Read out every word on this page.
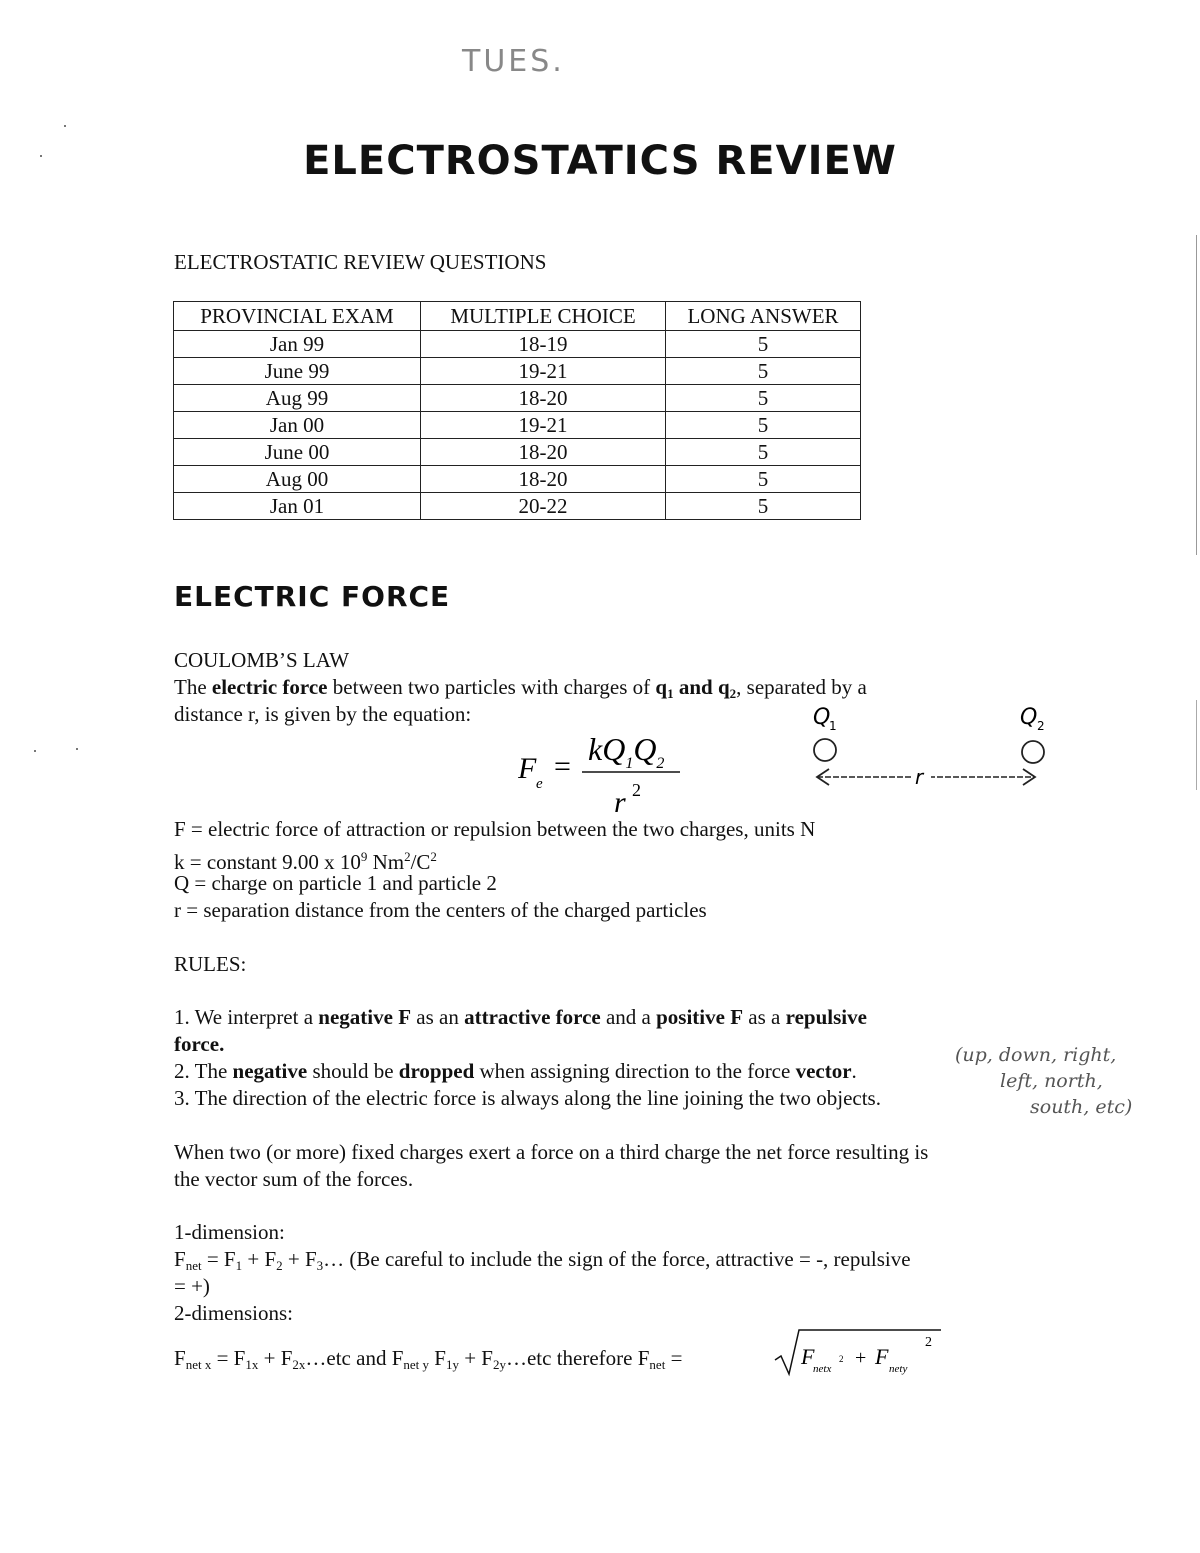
TUES.
ELECTROSTATICS REVIEW
ELECTROSTATIC REVIEW QUESTIONS
PROVINCIAL EXAM	MULTIPLE CHOICE	LONG ANSWER
Jan 99	18-19	5
June 99	19-21	5
Aug 99	18-20	5
Jan 00	19-21	5
June 00	18-20	5
Aug 00	18-20	5
Jan 01	20-22	5
ELECTRIC FORCE
COULOMB’S LAW
The electric force between two particles with charges of $q_1$ and $q_2$, separated by a
distance r, is given by the equation:
F e
= $kQ_1Q_2$
r 2
Q
1	Q 2
r
F = electric force of attraction or repulsion between the two charges, units N
k = constant 9.00 x $10^9$ $Nm^2/C^2$
Q = charge on particle 1 and particle 2
r = separation distance from the centers of the charged particles
RULES:
1. We interpret a negative F as an attractive force and a positive F as a repulsive
force.
2. The negative should be dropped when assigning direction to the force vector.
3. The direction of the electric force is always along the line joining the two objects.
(up, down, right,
left, north,
south, etc)
When two (or more) fixed charges exert a force on a third charge the net force resulting is
the vector sum of the forces.
1-dimension:
$F_{net} = F_1 + F_2$ + $F_3\dots$ (Be careful to include the sign of the force, attractive = -, repulsive
= +)
2-dimensions:
$F_{net x} = F_{1x}$ + $F_{2x}\dots etc$ and $F_{net y}$ $F_{1y}$ + $F_{2y}\dots etc$ therefore $F_{net}$ =	F
netx
2 + F nety
2
